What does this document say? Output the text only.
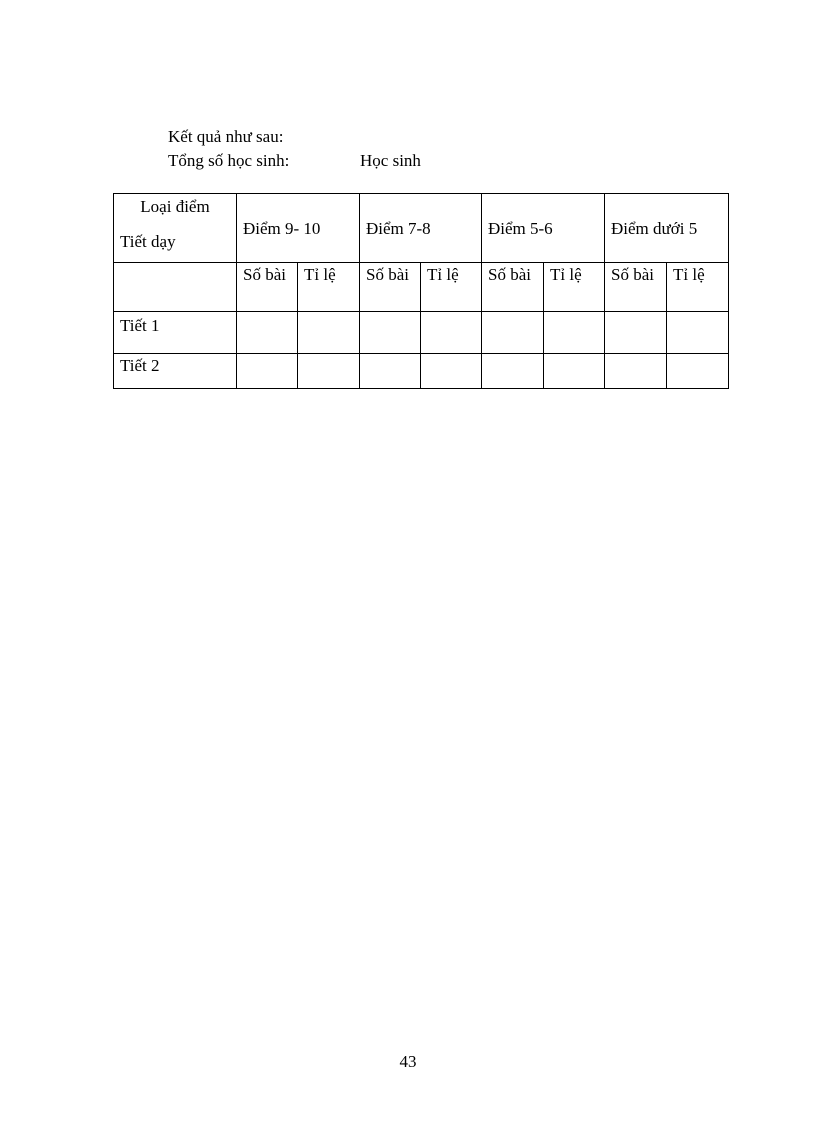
Kết quả như sau:
Tổng số học sinh:	Học sinh
Loại điểm
Tiết dạy	Điểm 9- 10		Điểm 7-8		Điểm 5-6		Điểm dưới 5	
	Số bài	Tỉ lệ	Số bài	Tỉ lệ	Số bài	Tỉ lệ	Số bài	Tỉ lệ
Tiết 1								
Tiết 2								
43
